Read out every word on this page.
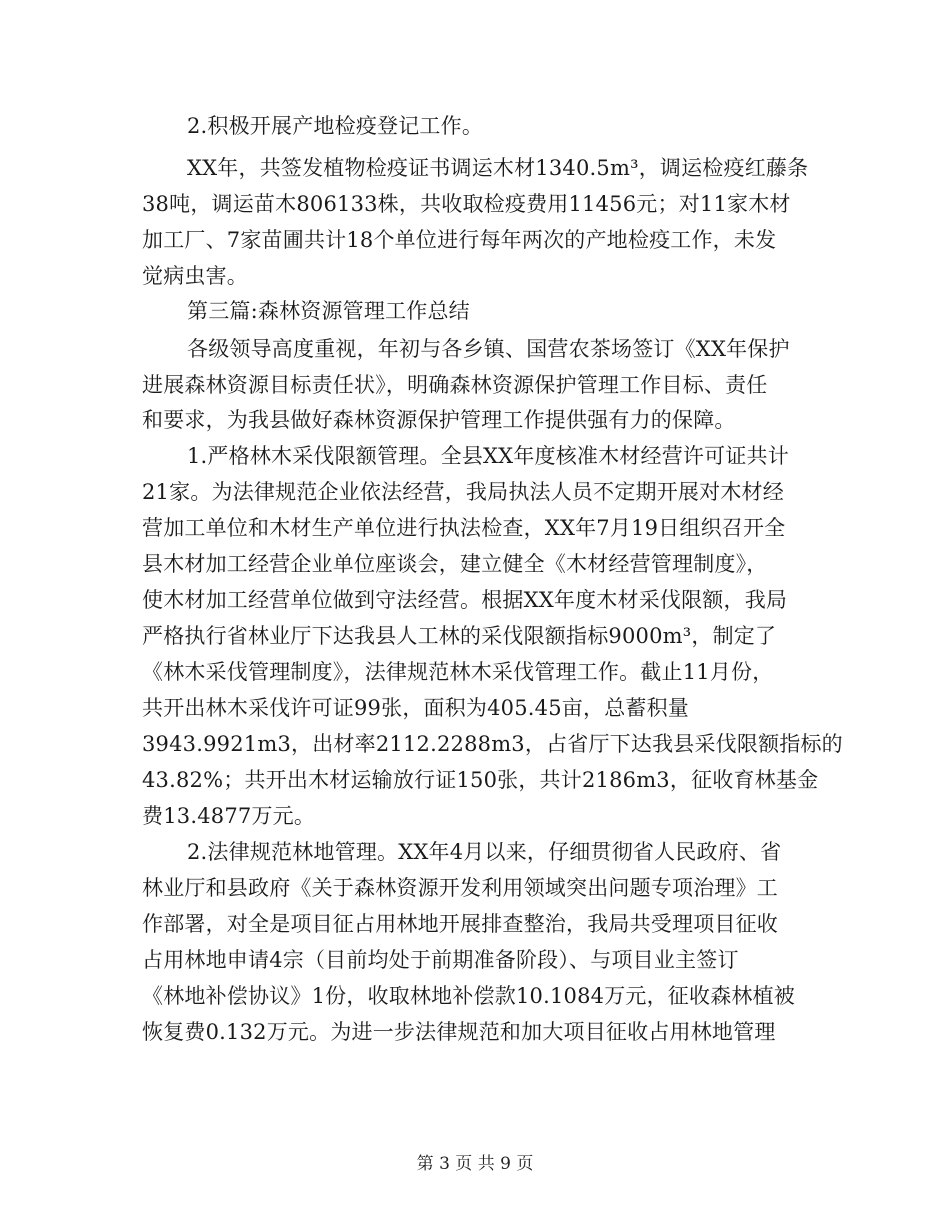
2.积极开展产地检疫登记工作。
XX年，共签发植物检疫证书调运木材1340.5m³，调运检疫红藤条
38吨，调运苗木806133株，共收取检疫费用11456元；对11家木材
加工厂、7家苗圃共计18个单位进行每年两次的产地检疫工作，未发
觉病虫害。
第三篇:森林资源管理工作总结
各级领导高度重视，年初与各乡镇、国营农茶场签订《XX年保护
进展森林资源目标责任状》，明确森林资源保护管理工作目标、责任
和要求，为我县做好森林资源保护管理工作提供强有力的保障。
1.严格林木采伐限额管理。全县XX年度核准木材经营许可证共计
21家。为法律规范企业依法经营，我局执法人员不定期开展对木材经
营加工单位和木材生产单位进行执法检查，XX年7月19日组织召开全
县木材加工经营企业单位座谈会，建立健全《木材经营管理制度》，
使木材加工经营单位做到守法经营。根据XX年度木材采伐限额，我局
严格执行省林业厅下达我县人工林的采伐限额指标9000m³，制定了
《林木采伐管理制度》，法律规范林木采伐管理工作。截止11月份，
共开出林木采伐许可证99张，面积为405.45亩，总蓄积量
3943.9921m3，出材率2112.2288m3，占省厅下达我县采伐限额指标的
43.82%；共开出木材运输放行证150张，共计2186m3，征收育林基金
费13.4877万元。
2.法律规范林地管理。XX年4月以来，仔细贯彻省人民政府、省
林业厅和县政府《关于森林资源开发利用领域突出问题专项治理》工
作部署，对全是项目征占用林地开展排查整治，我局共受理项目征收
占用林地申请4宗（目前均处于前期准备阶段）、与项目业主签订
《林地补偿协议》1份，收取林地补偿款10.1084万元，征收森林植被
恢复费0.132万元。为进一步法律规范和加大项目征收占用林地管理
第 3 页 共 9 页
